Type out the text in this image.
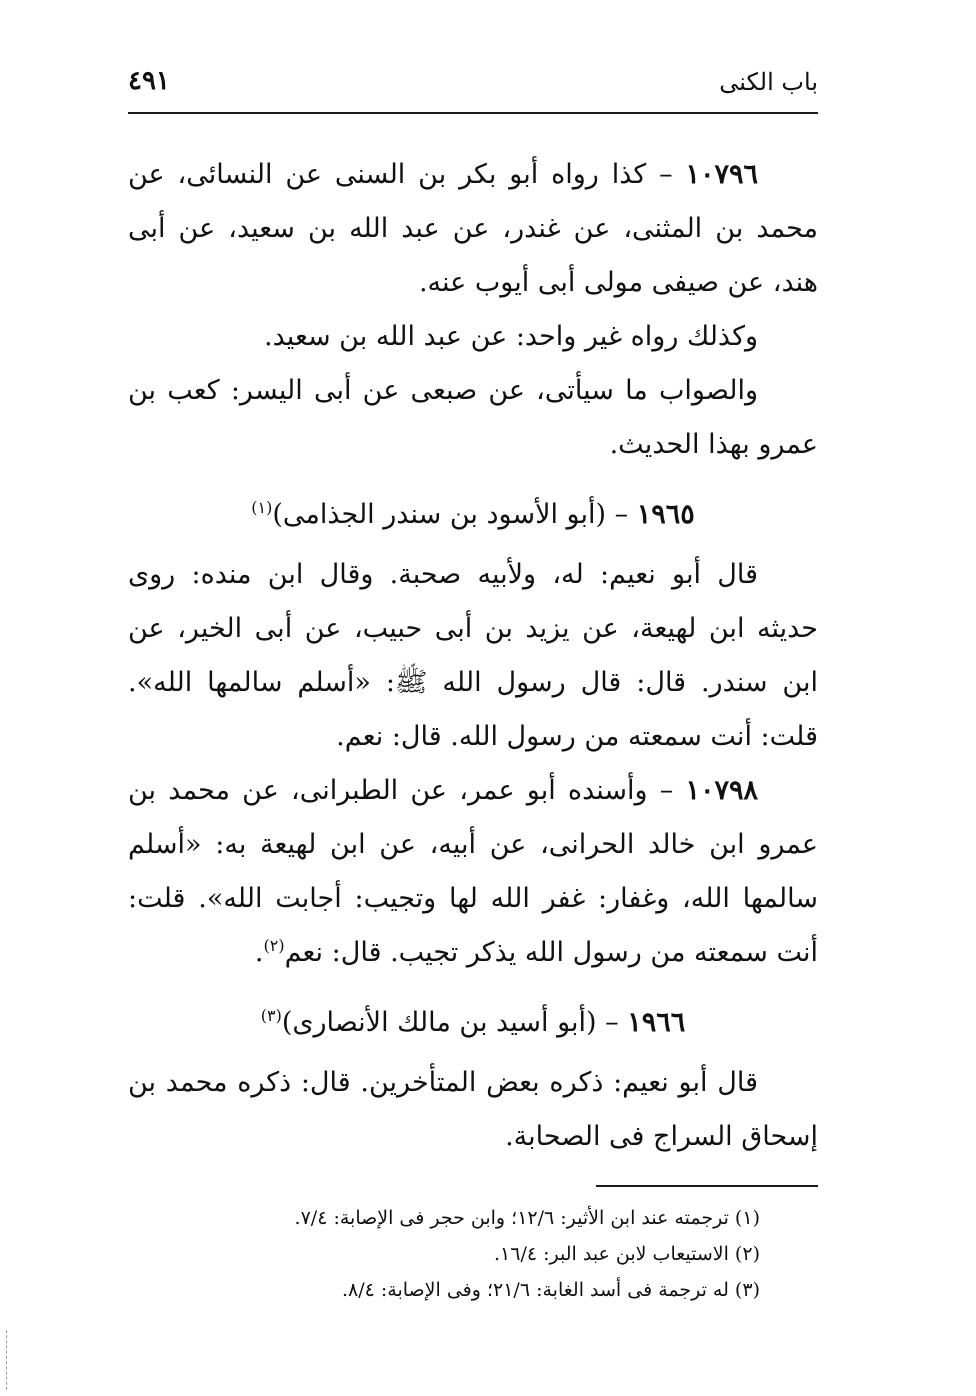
باب الكنى
٤٩١

١٠٧٩٦ – كذا رواه أبو بكر بن السنى عن النسائى، عن محمد بن المثنى، عن غندر، عن عبد الله بن سعيد، عن أبى هند، عن صيفى مولى أبى أيوب عنه.

وكذلك رواه غير واحد: عن عبد الله بن سعيد.

والصواب ما سيأتى، عن صبعى عن أبى اليسر: كعب بن عمرو بهذا الحديث.

١٩٦٥ – (أبو الأسود بن سندر الجذامى)$^{(١)}$

قال أبو نعيم: له، ولأبيه صحبة. وقال ابن منده: روى حديثه ابن لهيعة، عن يزيد بن أبى حبيب، عن أبى الخير، عن ابن سندر. قال: قال رسول الله ﷺ: «أسلم سالمها الله». قلت: أنت سمعته من رسول الله. قال: نعم.

١٠٧٩٨ – وأسنده أبو عمر، عن الطبرانى، عن محمد بن عمرو ابن خالد الحرانى، عن أبيه، عن ابن لهيعة به: «أسلم سالمها الله، وغفار: غفر الله لها وتجيب: أجابت الله». قلت: أنت سمعته من رسول الله يذكر تجيب. قال: نعم$^{(٢)}$.

١٩٦٦ – (أبو أسيد بن مالك الأنصارى)$^{(٣)}$

قال أبو نعيم: ذكره بعض المتأخرين. قال: ذكره محمد بن إسحاق السراج فى الصحابة.

(١) ترجمته عند ابن الأثير: ١٢/٦؛ وابن حجر فى الإصابة: ٧/٤.

(٢) الاستيعاب لابن عبد البر: ١٦/٤.

(٣) له ترجمة فى أسد الغابة: ٢١/٦؛ وفى الإصابة: ٨/٤.
